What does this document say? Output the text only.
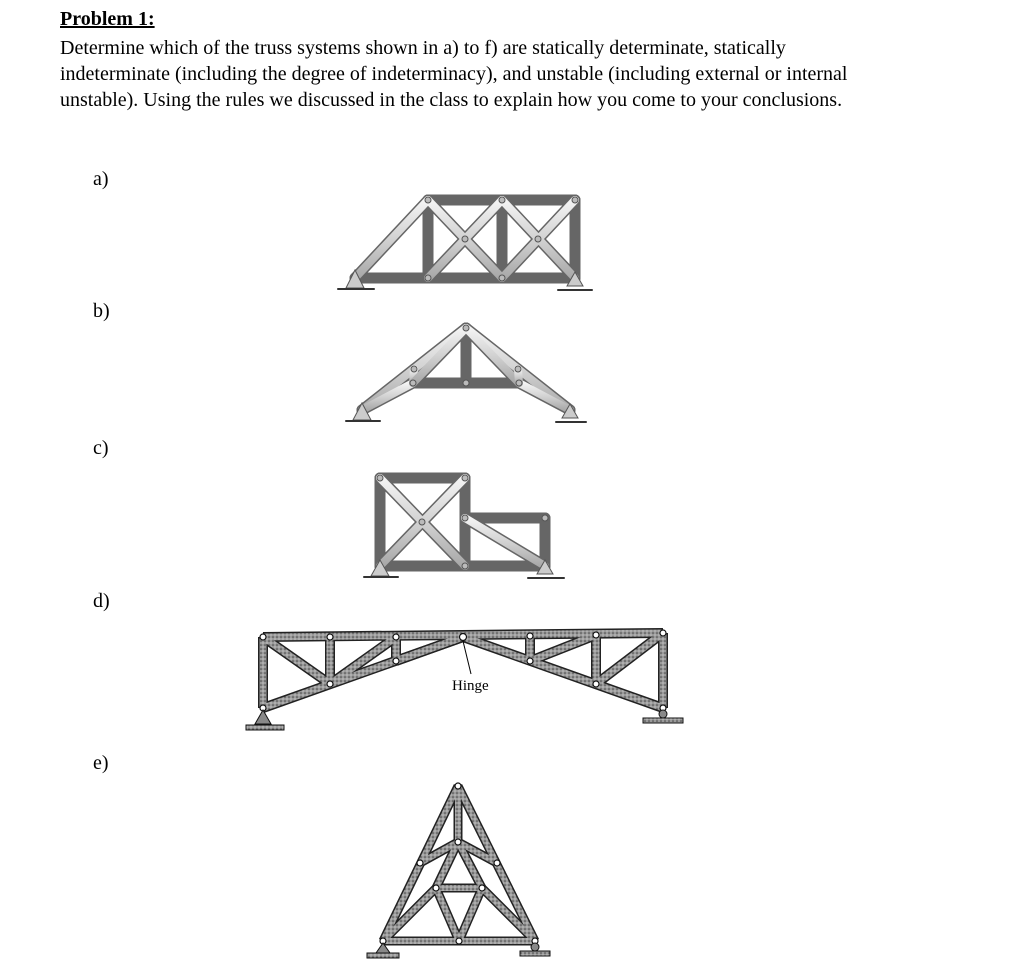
Problem 1:

Determine which of the truss systems shown in a) to f) are statically determinate, statically indeterminate (including the degree of indeterminacy), and unstable (including external or internal unstable). Using the rules we discussed in the class to explain how you come to your conclusions.

a)
b)
c)
d)
e)
Hinge
